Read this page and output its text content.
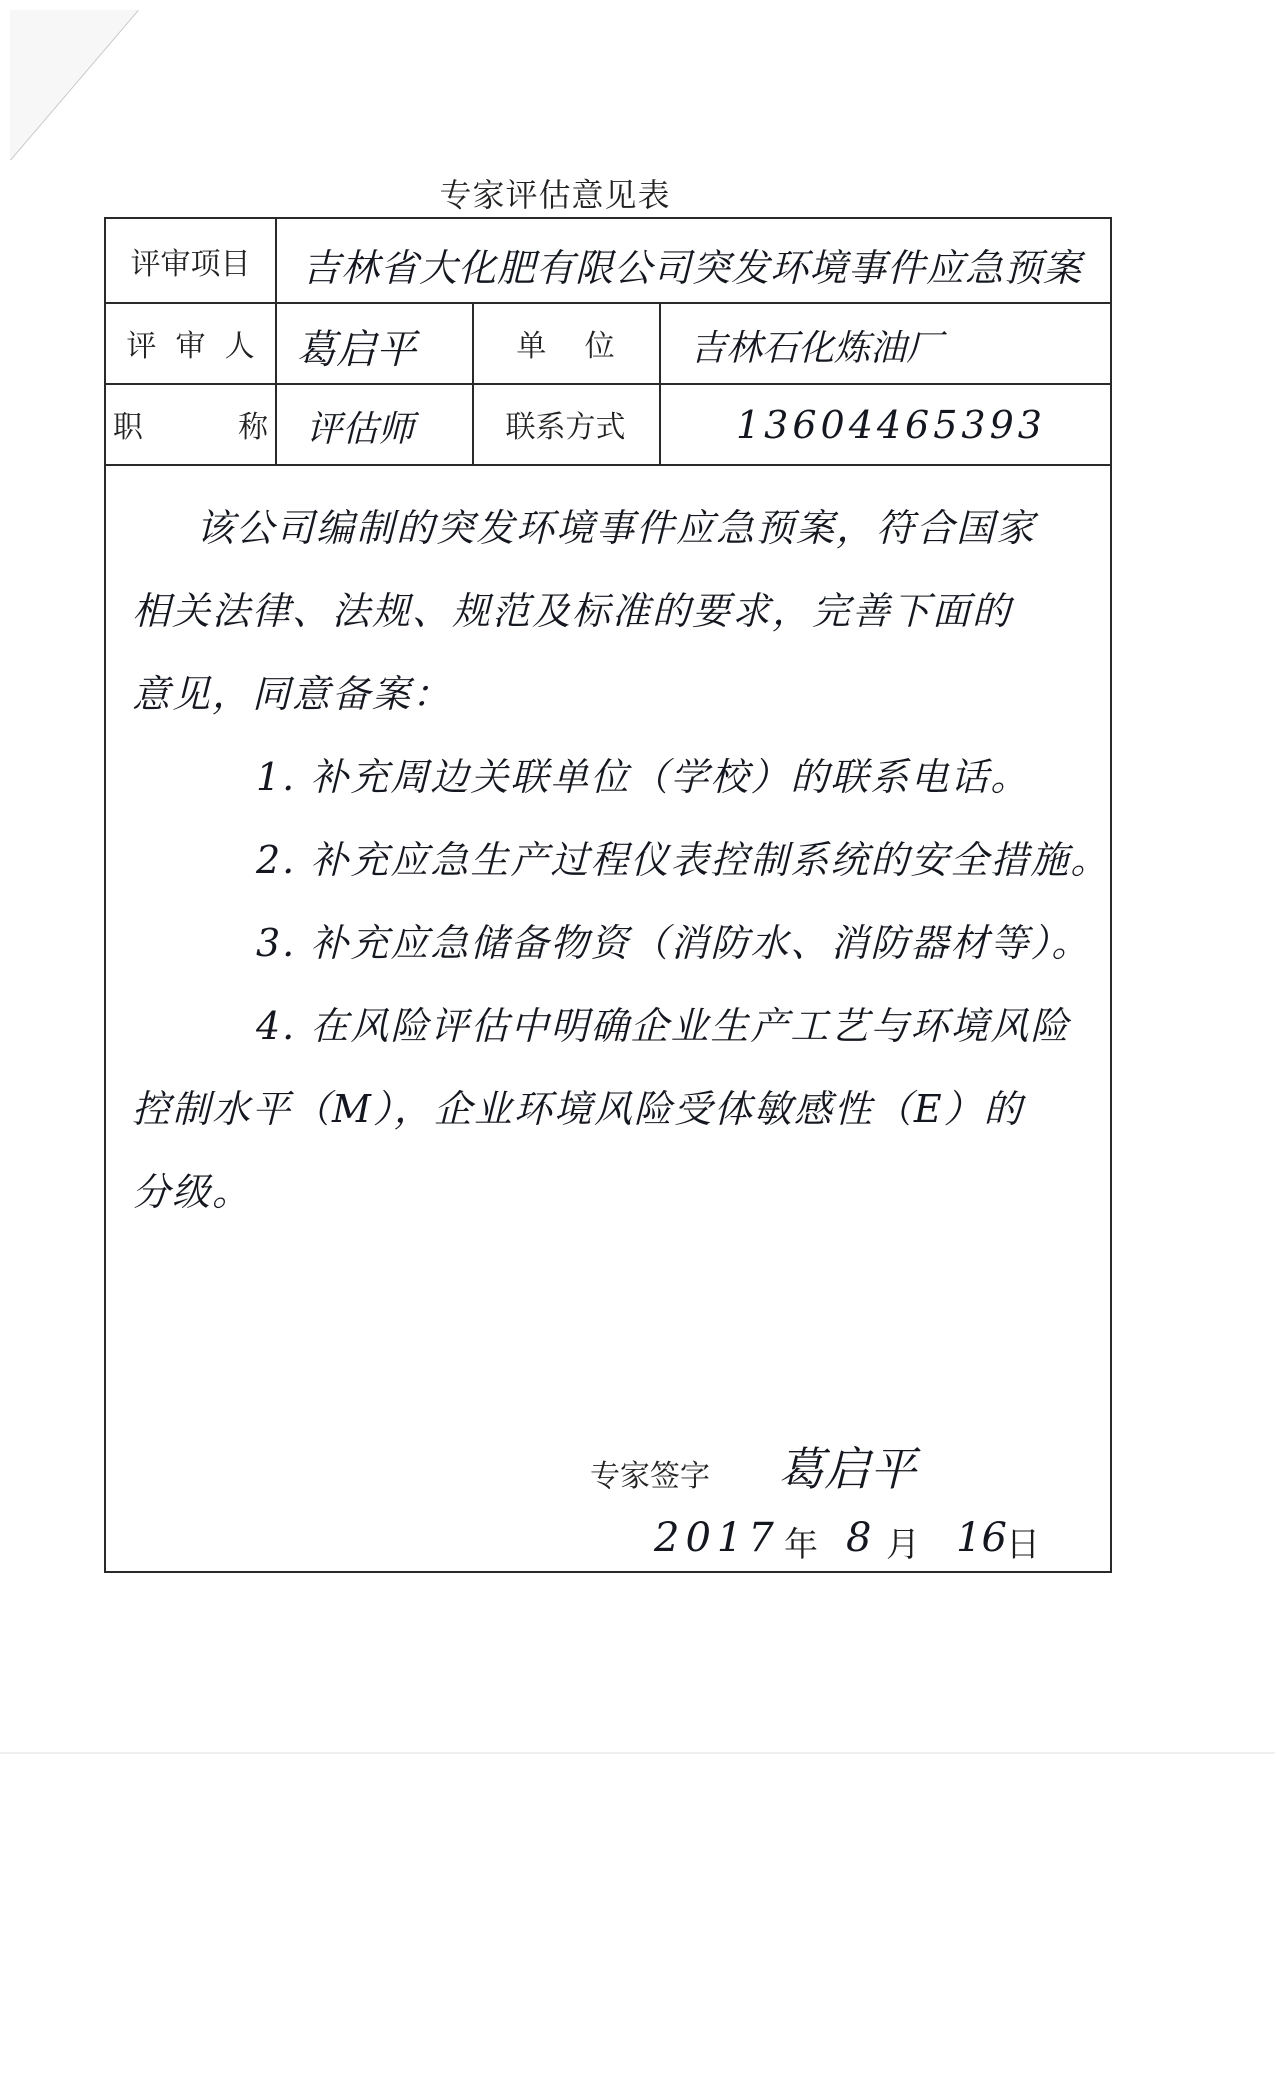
专家评估意见表
评审项目	吉林省大化肥有限公司突发环境事件应急预案
评  审  人	葛启平	单    位	吉林石化炼油厂
职          称 评估师	联系方式	13604465393
该公司编制的突发环境事件应急预案，符合国家
相关法律、法规、规范及标准的要求，完善下面的
意见，同意备案：
1. 补充周边关联单位（学校）的联系电话。
2. 补充应急生产过程仪表控制系统的安全措施。
3. 补充应急储备物资（消防水、消防器材等）。
4. 在风险评估中明确企业生产工艺与环境风险
控制水平（M），企业环境风险受体敏感性（E）的
分级。
专家签字 葛启平
2017 年 8 月 16 日
